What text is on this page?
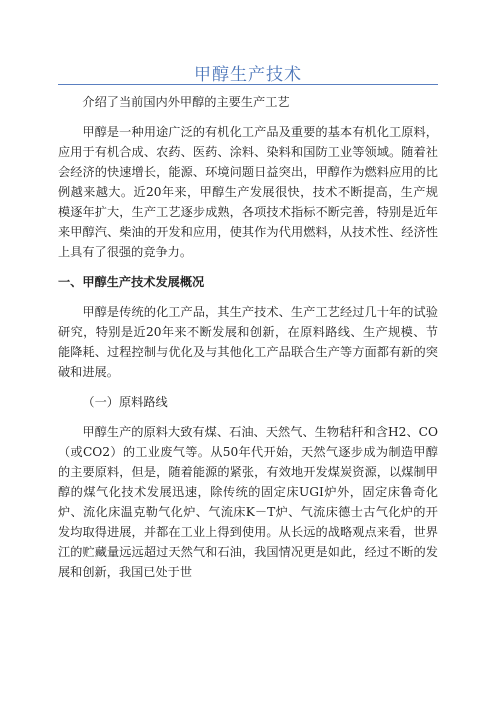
甲醇生产技术

介绍了当前国内外甲醇的主要生产工艺

甲醇是一种用途广泛的有机化工产品及重要的基本有机化工原料，应用于有机合成、农药、医药、涂料、染料和国防工业等领域。随着社会经济的快速增长，能源、环境问题日益突出，甲醇作为燃料应用的比例越来越大。近20年来，甲醇生产发展很快，技术不断提高，生产规模逐年扩大，生产工艺逐步成熟，各项技术指标不断完善，特别是近年来甲醇汽、柴油的开发和应用，使其作为代用燃料，从技术性、经济性上具有了很强的竞争力。

一、甲醇生产技术发展概况

甲醇是传统的化工产品，其生产技术、生产工艺经过几十年的试验研究，特别是近20年来不断发展和创新，在原料路线、生产规模、节能降耗、过程控制与优化及与其他化工产品联合生产等方面都有新的突破和进展。

（一）原料路线

甲醇生产的原料大致有煤、石油、天然气、生物秸秆和含H2、CO（或CO2）的工业废气等。从50年代开始，天然气逐步成为制造甲醇的主要原料，但是，随着能源的紧张，有效地开发煤炭资源，以煤制甲醇的煤气化技术发展迅速，除传统的固定床UGI炉外，固定床鲁奇化炉、流化床温克勒气化炉、气流床K－T炉、气流床德士古气化炉的开发均取得进展，并都在工业上得到使用。从长远的战略观点来看，世界江的贮藏量远远超过天然气和石油，我国情况更是如此，经过不断的发展和创新，我国已处于世
